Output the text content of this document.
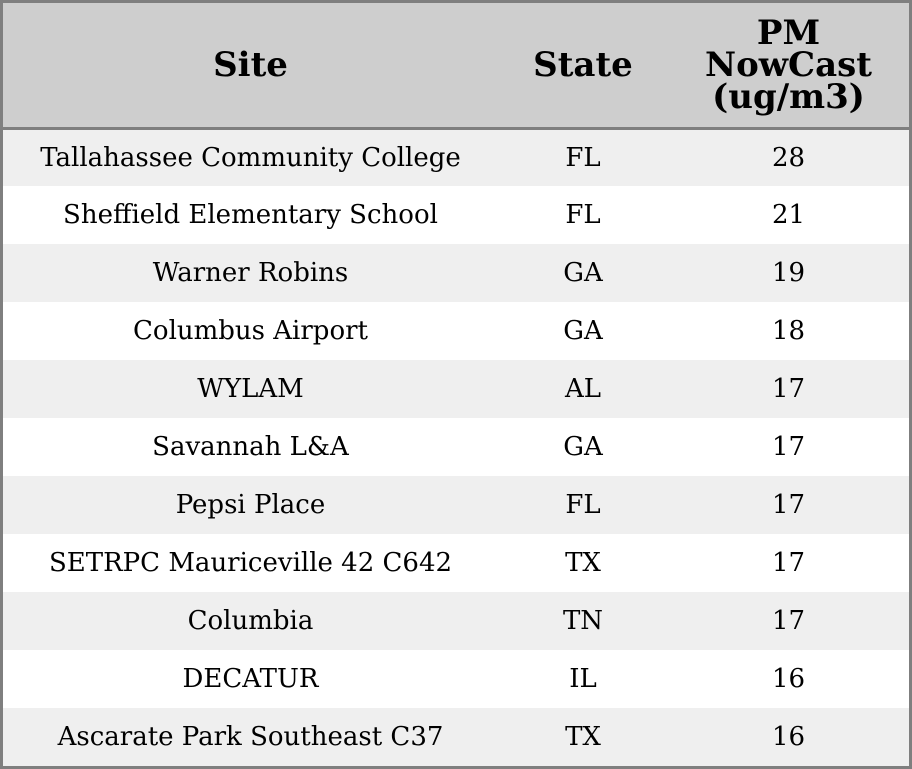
Site	State	PM
NowCast
(ug/m3)

Tallahassee Community College	FL	28
Sheffield Elementary School	FL	21
Warner Robins	GA	19
Columbus Airport	GA	18
WYLAM	AL	17
Savannah L&A	GA	17
Pepsi Place	FL	17
SETRPC Mauriceville 42 C642	TX	17
Columbia	TN	17
DECATUR	IL	16
Ascarate Park Southeast C37	TX	16
